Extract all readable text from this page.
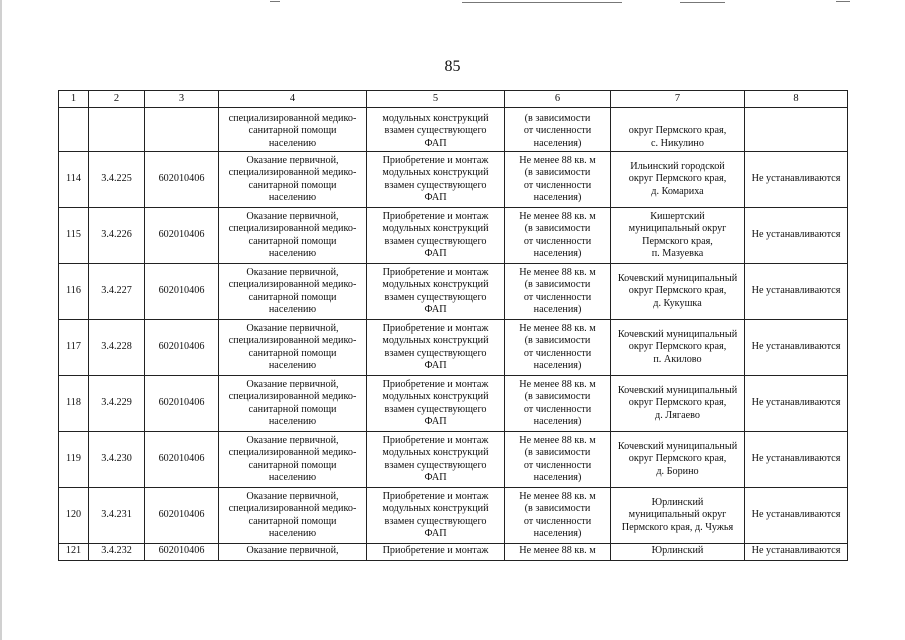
85
1	2	3	4	5	6	7	8
			специализированной медико-
санитарной помощи
населению	модульных конструкций
взамен существующего
ФАП	(в зависимости
от численности
населения)	округ Пермского края,
с. Никулино	
114	3.4.225	602010406	Оказание первичной,
специализированной медико-
санитарной помощи
населению	Приобретение и монтаж
модульных конструкций
взамен существующего
ФАП	Не менее 88 кв. м
(в зависимости
от численности
населения)	Ильинский городской
округ Пермского края,
д. Комариха	Не устанавливаются
115	3.4.226	602010406	Оказание первичной,
специализированной медико-
санитарной помощи
населению	Приобретение и монтаж
модульных конструкций
взамен существующего
ФАП	Не менее 88 кв. м
(в зависимости
от численности
населения)	Кишертский
муниципальный округ
Пермского края,
п. Мазуевка	Не устанавливаются
116	3.4.227	602010406	Оказание первичной,
специализированной медико-
санитарной помощи
населению	Приобретение и монтаж
модульных конструкций
взамен существующего
ФАП	Не менее 88 кв. м
(в зависимости
от численности
населения)	Кочевский муниципальный
округ Пермского края,
д. Кукушка	Не устанавливаются
117	3.4.228	602010406	Оказание первичной,
специализированной медико-
санитарной помощи
населению	Приобретение и монтаж
модульных конструкций
взамен существующего
ФАП	Не менее 88 кв. м
(в зависимости
от численности
населения)	Кочевский муниципальный
округ Пермского края,
п. Акилово	Не устанавливаются
118	3.4.229	602010406	Оказание первичной,
специализированной медико-
санитарной помощи
населению	Приобретение и монтаж
модульных конструкций
взамен существующего
ФАП	Не менее 88 кв. м
(в зависимости
от численности
населения)	Кочевский муниципальный
округ Пермского края,
д. Лягаево	Не устанавливаются
119	3.4.230	602010406	Оказание первичной,
специализированной медико-
санитарной помощи
населению	Приобретение и монтаж
модульных конструкций
взамен существующего
ФАП	Не менее 88 кв. м
(в зависимости
от численности
населения)	Кочевский муниципальный
округ Пермского края,
д. Борино	Не устанавливаются
120	3.4.231	602010406	Оказание первичной,
специализированной медико-
санитарной помощи
населению	Приобретение и монтаж
модульных конструкций
взамен существующего
ФАП	Не менее 88 кв. м
(в зависимости
от численности
населения)	Юрлинский
муниципальный округ
Пермского края, д. Чужья	Не устанавливаются
121	3.4.232	602010406	Оказание первичной,	Приобретение и монтаж	Не менее 88 кв. м	Юрлинский	Не устанавливаются
